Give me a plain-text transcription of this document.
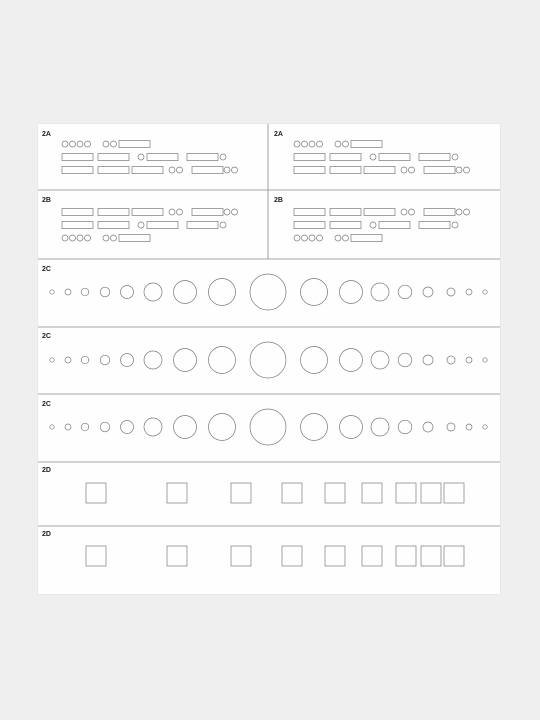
2A	2A
2B	2B
2C
2C
2C
2D
2D
